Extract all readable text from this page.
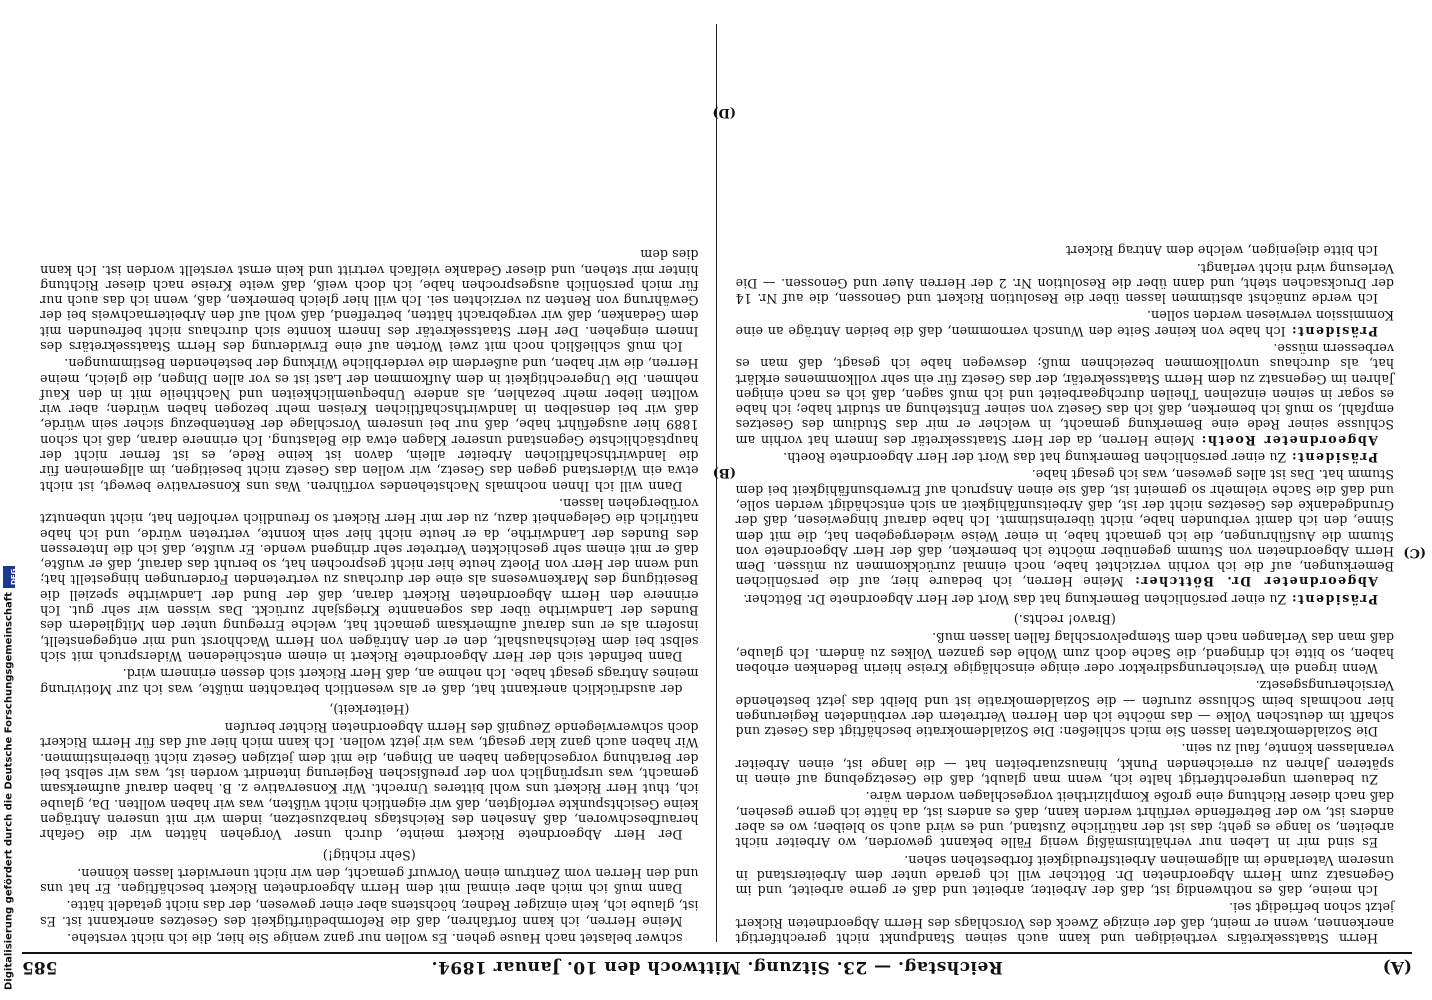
(A)
Reichstag. — 23. Sitzung. Mittwoch den 10. Januar 1894.
585

Herrn Staatssekretärs vertheidigen und kann auch seinen Standpunkt nicht gerechtfertigt anerkennen, wenn er meint, daß der einzige Zweck des Vorschlags des Herrn Abgeordneten Rickert jetzt schon befriedigt sei.

Ich meine, daß es nothwendig ist, daß der Arbeiter, arbeitet und daß er gerne arbeitet, und im Gegensatz zum Herrn Abgeordneten Dr. Böttcher will ich gerade unter dem Arbeiterstand in unserem Vaterlande im allgemeinen Arbeitsfreudigkeit fortbestehen sehen.

Es sind mir in Leben nur verhältnismäßig wenig Fälle bekannt geworden, wo Arbeiter nicht arbeiten, so lange es geht; das ist der natürliche Zustand, und es wird auch so bleiben; wo es aber anders ist, wo der Betreffende verführt werden kann, daß es anders ist, da hätte ich gerne gesehen, daß nach dieser Richtung eine große Komplizirtheit vorgeschlagen worden wäre.

Zu bedauern ungerechtfertigt halte ich, wenn man glaubt, daß die Gesetzgebung auf einen in späteren Jahren zu erreichenden Punkt, hinauszuarbeiten hat — die lange ist, einen Arbeiter veranlassen könnte, faul zu sein.

Die Sozialdemokraten lassen Sie mich schließen: Die Sozialdemokratie beschäftigt das Gesetz und schafft im deutschen Volke — das möchte ich den Herren Vertretern der verbündeten Regierungen hier nochmals beim Schlusse zurufen — die Sozialdemokratie ist und bleibt das jetzt bestehende Versicherungsgesetz.

Wenn irgend ein Versicherungsdirektor oder einige einschlägige Kreise hierin Bedenken erhoben haben, so bitte ich dringend, die Sache doch zum Wohle des ganzen Volkes zu ändern. Ich glaube, daß man das Verlangen nach dem Stempelvorschlag fallen lassen muß.

(Bravo! rechts.)

Präsident: Zu einer persönlichen Bemerkung hat das Wort der Herr Abgeordnete Dr. Böttcher.

Abgeordneter Dr. Böttcher: Meine Herren, ich bedaure hier, auf die persönlichen Bemerkungen, auf die ich vorhin verzichtet habe, noch einmal zurückkommen zu müssen. Dem Herrn Abgeordneten von Stumm gegenüber möchte ich bemerken, daß der Herr Abgeordnete von Stumm die Ausführungen, die ich gemacht habe, in einer Weise wiedergegeben hat, die mit dem Sinne, den ich damit verbunden habe, nicht übereinstimmt. Ich habe darauf hingewiesen, daß der Grundgedanke des Gesetzes nicht der ist, daß Arbeitsunfähigkeit an sich entschädigt werden solle, und daß die Sache vielmehr so gemeint ist, daß sie einen Anspruch auf Erwerbsunfähigkeit bei dem Stumm hat. Das ist alles gewesen, was ich gesagt habe.

Präsident: Zu einer persönlichen Bemerkung hat das Wort der Herr Abgeordnete Roeth.

Abgeordneter Roeth: Meine Herren, da der Herr Staatssekretär des Innern hat vorhin am Schlusse seiner Rede eine Bemerkung gemacht, in welcher er mir das Studium des Gesetzes empfahl, so muß ich bemerken, daß ich das Gesetz von seiner Entstehung an studirt habe; ich habe es sogar in seinen einzelnen Theilen durchgearbeitet und ich muß sagen, daß ich es nach einigen Jahren im Gegensatz zu dem Herrn Staatssekretär, der das Gesetz für ein sehr vollkommenes erklärt hat, als durchaus unvollkommen bezeichnen muß; deswegen habe ich gesagt, daß man es verbessern müsse.

Präsident: Ich habe von keiner Seite den Wunsch vernommen, daß die beiden Anträge an eine Kommission verwiesen werden sollen.

Ich werde zunächst abstimmen lassen über die Resolution Rickert und Genossen, die auf Nr. 14 der Drucksachen steht, und dann über die Resolution Nr. 2 der Herren Auer und Genossen. — Die Verlesung wird nicht verlangt.

Ich bitte diejenigen, welche dem Antrag Rickert

schwer belastet nach Hause gehen. Es wollen nur ganz wenige Sie hier, die ich nicht verstehe.

Meine Herren, ich kann fortfahren, daß die Reformbedürftigkeit des Gesetzes anerkannt ist. Es ist, glaube ich, kein einziger Redner, höchstens aber einer gewesen, der das nicht getadelt hätte.

Dann muß ich mich aber einmal mit dem Herrn Abgeordneten Rickert beschäftigen. Er hat uns und den Herren vom Zentrum einen Vorwurf gemacht, den wir nicht unerwidert lassen können.

(Sehr richtig!)

Der Herr Abgeordnete Rickert meinte, durch unser Vorgehen hätten wir die Gefahr heraufbeschworen, daß Ansehen des Reichstags herabzusetzen, indem wir mit unseren Anträgen keine Gesichtspunkte verfolgten, daß wir eigentlich nicht wüßten, was wir haben wollten. Da, glaube ich, thut Herr Rickert uns wohl bitteres Unrecht. Wir Konservative z. B. haben darauf aufmerksam gemacht, was ursprünglich von der preußischen Regierung intendirt worden ist, was wir selbst bei der Berathung vorgeschlagen haben an Dingen, die mit dem jetzigen Gesetz nicht übereinstimmen. Wir haben auch ganz klar gesagt, was wir jetzt wollen. Ich kann mich hier auf das für Herrn Rickert doch schwerwiegende Zeugniß des Herrn Abgeordneten Richter berufen

(Heiterkeit),

der ausdrücklich anerkannt hat, daß er als wesentlich betrachten müßte, was ich zur Motivirung meines Antrags gesagt habe. Ich nehme an, daß Herr Rickert sich dessen erinnern wird.

Dann befindet sich der Herr Abgeordnete Rickert in einem entschiedenen Widerspruch mit sich selbst bei dem Reichshaushalt, den er den Anträgen von Herrn Wachhorst und mir entgegenstellt, insofern als er uns darauf aufmerksam gemacht hat, welche Erregung unter den Mitgliedern des Bundes der Landwirthe über das sogenannte Kriegsjahr zurückt. Das wissen wir sehr gut. Ich erinnere den Herrn Abgeordneten Rickert daran, daß der Bund der Landwirthe speziell die Beseitigung des Markenwesens als eine der durchaus zu vertretenden Forderungen hingestellt hat; und wenn der Herr von Ploetz heute hier nicht gesprochen hat, so beruht das darauf, daß er wußte, daß er mit einem sehr geschickten Vertreter sehr dringend wende. Er wußte, daß ich die Interessen des Bundes der Landwirthe, da er heute nicht hier sein konnte, vertreten würde, und ich habe natürlich die Gelegenheit dazu, zu der mir Herr Rickert so freundlich verholfen hat, nicht unbenutzt vorübergehen lassen.

Dann will ich Ihnen nochmals Nachstehendes vorführen. Was uns Konservative bewegt, ist nicht etwa ein Widerstand gegen das Gesetz, wir wollen das Gesetz nicht beseitigen, im allgemeinen für die landwirthschaftlichen Arbeiter allein, davon ist keine Rede, es ist ferner nicht der hauptsächlichste Gegenstand unserer Klagen etwa die Belastung. Ich erinnere daran, daß ich schon 1889 hier ausgeführt habe, daß nur bei unserem Vorschlage der Rentenbezug sicher sein würde, daß wir bei denselben in landwirthschaftlichen Kreisen mehr bezogen haben würden; aber wir wollten lieber mehr bezahlen, als andere Unbequemlichkeiten und Nachtheile mit in den Kauf nehmen. Die Ungerechtigkeit in dem Aufkommen der Last ist es vor allen Dingen, die gleich, meine Herren, die wir haben, und außerdem die verderbliche Wirkung der bestehenden Bestimmungen.

Ich muß schließlich noch mit zwei Worten auf eine Erwiderung des Herrn Staatssekretärs des Innern eingehen. Der Herr Staatssekretär des Innern konnte sich durchaus nicht befreunden mit dem Gedanken, daß wir vergebracht hätten, betreffend, daß wohl auf den Arbeiternachweis bei der Gewährung von Renten zu verzichten sei. Ich will hier gleich bemerken, daß, wenn ich das auch nur für mich persönlich ausgesprochen habe, ich doch weiß, daß weite Kreise nach dieser Richtung hinter mir stehen, und dieser Gedanke vielfach vertritt und kein ernst verstellt worden ist. Ich kann dies dem

(C)
(D)
(B)
Digitalisierung gefördert durch die Deutsche Forschungsgemeinschaft
DFG
